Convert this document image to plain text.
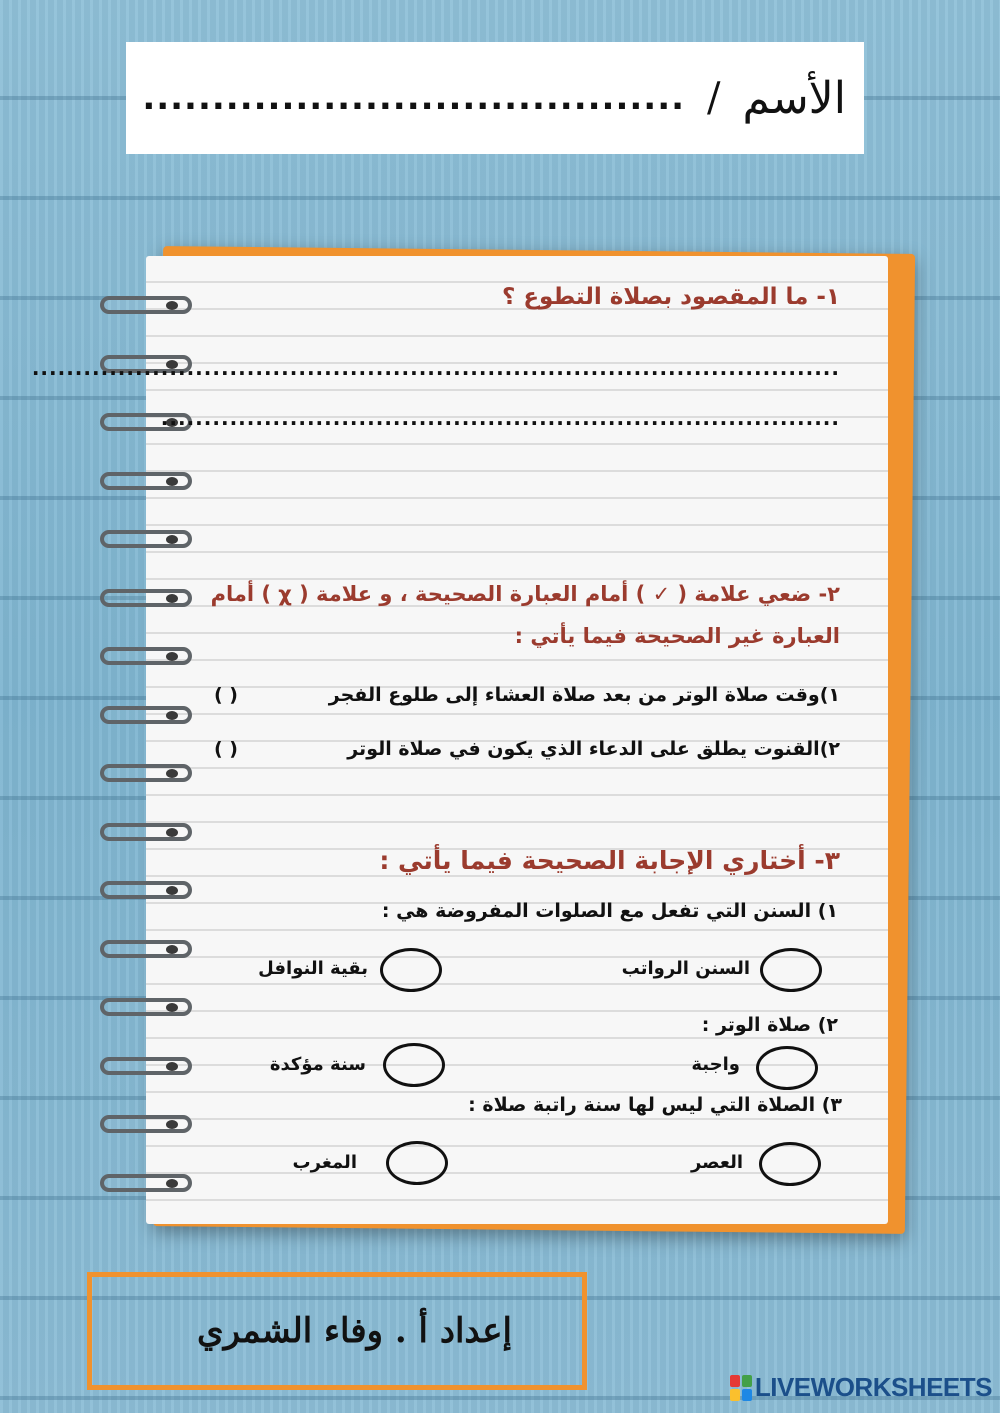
الأسم
/
.......................................
١- ما المقصود بصلاة التطوع ؟
..............................................................................................
...............................................................................
٢- ضعي علامة ( ✓ ) أمام العبارة الصحيحة ، و علامة ( χ ) أمام
العبارة غير الصحيحة فيما يأتي :
١)وقت صلاة الوتر من بعد صلاة العشاء إلى طلوع الفجر
( )
٢)القنوت يطلق على الدعاء الذي يكون في صلاة الوتر
( )
٣- أختاري الإجابة الصحيحة فيما يأتي :
١) السنن التي تفعل مع الصلوات المفروضة هي :
السنن الرواتب
بقية النوافل
٢) صلاة الوتر :
واجبة
سنة مؤكدة
٣) الصلاة التي ليس لها سنة راتبة صلاة :
العصر
المغرب
إعداد أ . وفاء الشمري
LIVEWORKSHEETS
